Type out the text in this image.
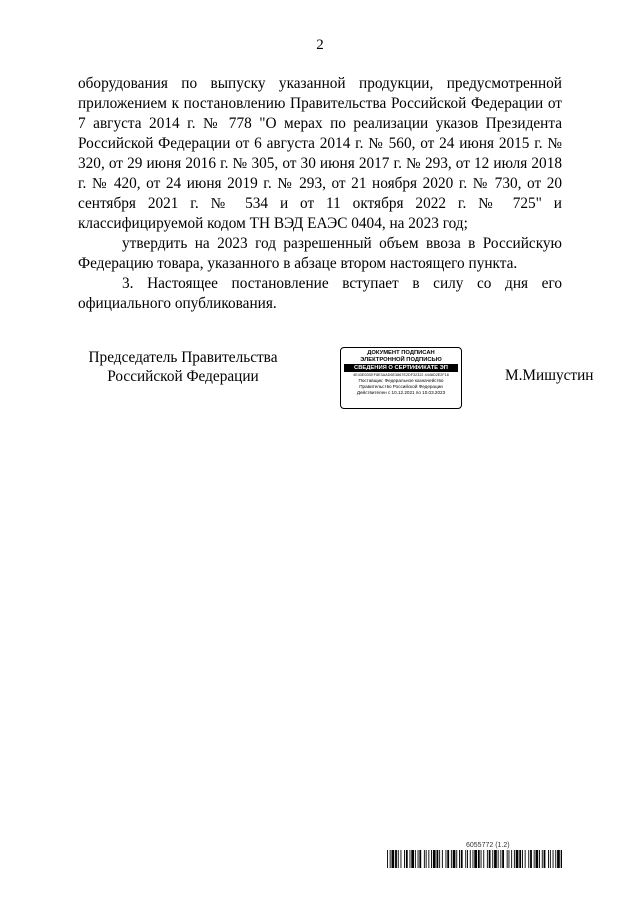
2

оборудования по выпуску указанной продукции, предусмотренной приложением к постановлению Правительства Российской Федерации от 7 августа 2014 г. № 778 "О мерах по реализации указов Президента Российской Федерации от 6 августа 2014 г. № 560, от 24 июня 2015 г. № 320, от 29 июня 2016 г. № 305, от 30 июня 2017 г. № 293, от 12 июля 2018 г. № 420, от 24 июня 2019 г. № 293, от 21 ноября 2020 г. № 730, от 20 сентября 2021 г. № 534 и от 11 октября 2022 г. № 725" и классифицируемой кодом ТН ВЭД ЕАЭС 0404, на 2023 год;

утвердить на 2023 год разрешенный объем ввоза в Российскую Федерацию товара, указанного в абзаце втором настоящего пункта.

3. Настоящее постановление вступает в силу со дня его официального опубликования.

Председатель Правительства
Российской Федерации
ДОКУМЕНТ ПОДПИСАН
ЭЛЕКТРОННОЙ ПОДПИСЬЮ
СВЕДЕНИЯ О СЕРТИФИКАТЕ ЭП
4E43E0D0EF8E3AAD6E3867E2DF32322 4448D2E2F18
Поставщик: Федеральное казначейство
Правительство Российской Федерации
Действителен с 10.12.2021 по 10.03.2023
М.Мишустин
6055772 (1.2)
